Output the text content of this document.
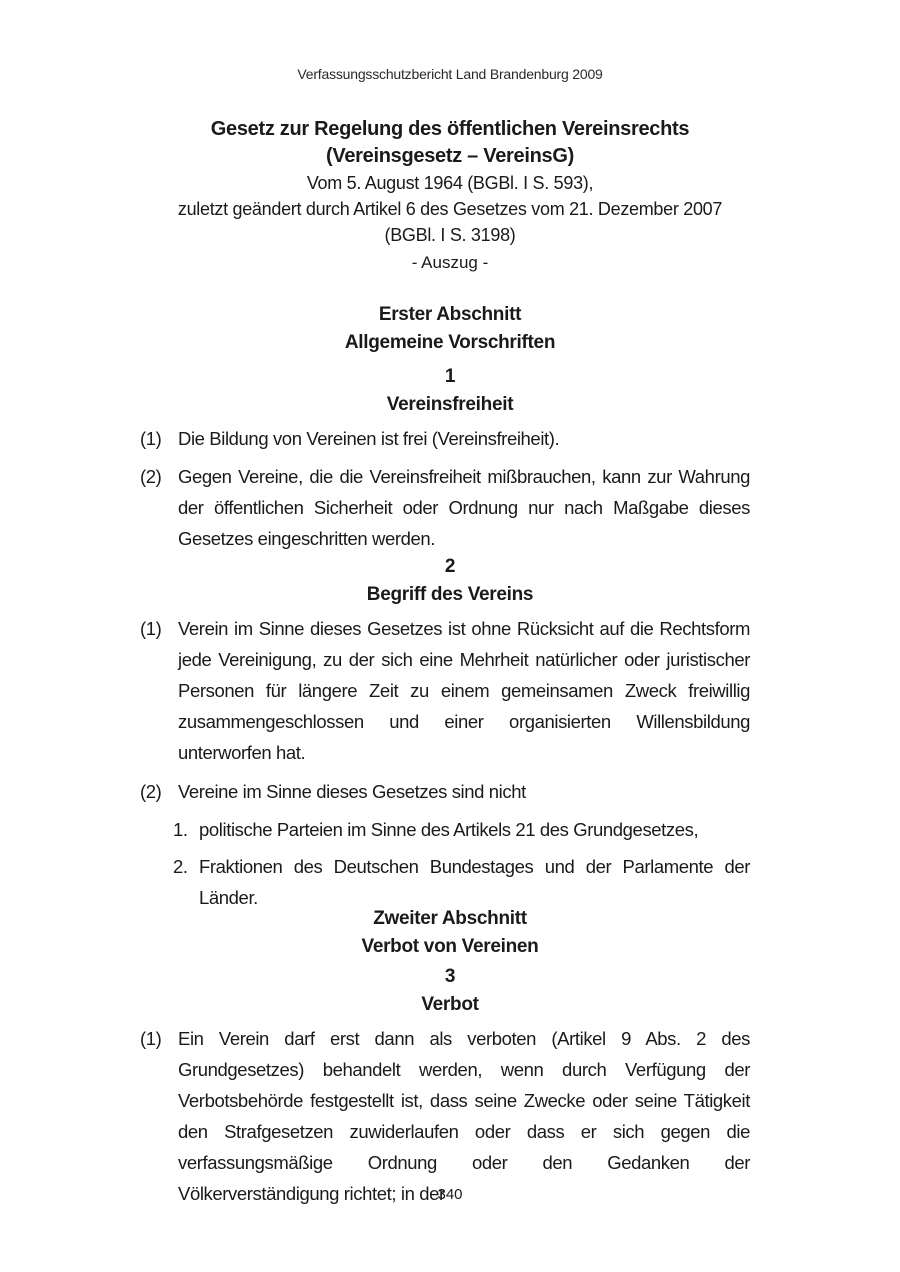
Verfassungsschutzbericht Land Brandenburg 2009
Gesetz zur Regelung des öffentlichen Vereinsrechts
(Vereinsgesetz – VereinsG)
Vom 5. August 1964 (BGBl. I S. 593),
zuletzt geändert durch Artikel 6 des Gesetzes vom 21. Dezember 2007
(BGBl. I S. 3198)
- Auszug -
Erster Abschnitt
Allgemeine Vorschriften
1
Vereinsfreiheit
(1) Die Bildung von Vereinen ist frei (Vereinsfreiheit).
(2) Gegen Vereine, die die Vereinsfreiheit mißbrauchen, kann zur Wahrung der öffentlichen Sicherheit oder Ordnung nur nach Maßgabe dieses Gesetzes eingeschritten werden.
2
Begriff des Vereins
(1) Verein im Sinne dieses Gesetzes ist ohne Rücksicht auf die Rechtsform jede Vereinigung, zu der sich eine Mehrheit natürlicher oder juristischer Personen für längere Zeit zu einem gemeinsamen Zweck freiwillig zusammengeschlossen und einer organisierten Willensbildung unterworfen hat.
(2) Vereine im Sinne dieses Gesetzes sind nicht
1. politische Parteien im Sinne des Artikels 21 des Grundgesetzes,
2. Fraktionen des Deutschen Bundestages und der Parlamente der Länder.
Zweiter Abschnitt
Verbot von Vereinen
3
Verbot
(1) Ein Verein darf erst dann als verboten (Artikel 9 Abs. 2 des Grundgesetzes) behandelt werden, wenn durch Verfügung der Verbotsbehörde festgestellt ist, dass seine Zwecke oder seine Tätigkeit den Strafgesetzen zuwiderlaufen oder dass er sich gegen die verfassungsmäßige Ordnung oder den Gedanken der Völkerverständigung richtet; in der
340
